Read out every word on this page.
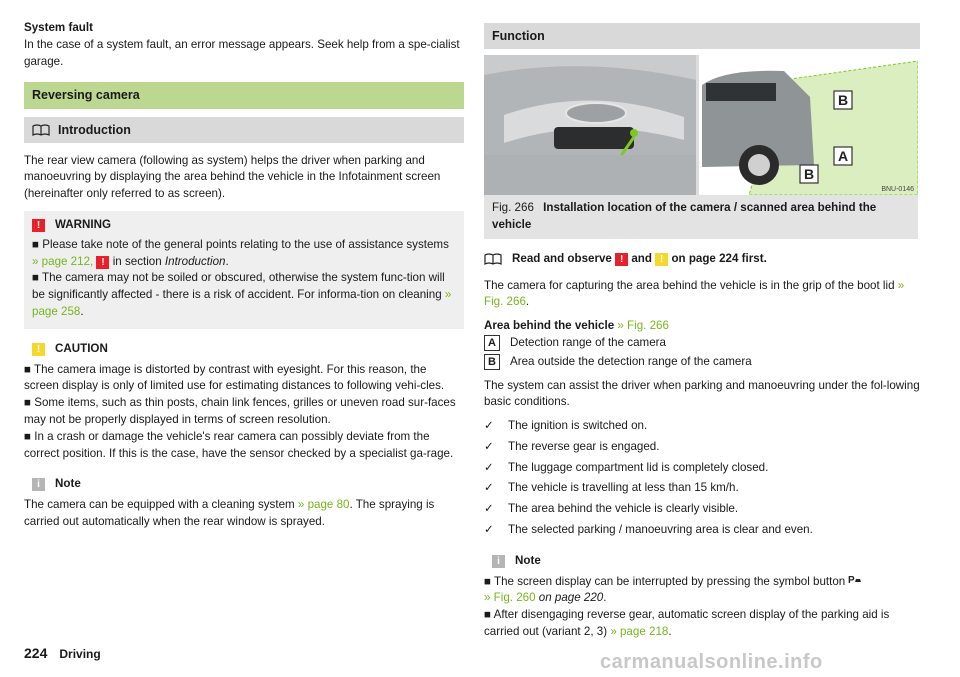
System fault
In the case of a system fault, an error message appears. Seek help from a spe-cialist garage.

Reversing camera
Introduction

The rear view camera (following as system) helps the driver when parking and manoeuvring by displaying the area behind the vehicle in the Infotainment screen (hereinafter only referred to as screen).

!	WARNING
■ Please take note of the general points relating to the use of assistance systems » page 212, ! in section Introduction.
■ The camera may not be soiled or obscured, otherwise the system func-tion will be significantly affected - there is a risk of accident. For informa-tion on cleaning » page 258.
!	CAUTION
■ The camera image is distorted by contrast with eyesight. For this reason, the screen display is only of limited use for estimating distances to following vehi-cles.
■ Some items, such as thin posts, chain link fences, grilles or uneven road sur-faces may not be properly displayed in terms of screen resolution.
■ In a crash or damage the vehicle's rear camera can possibly deviate from the correct position. If this is the case, have the sensor checked by a specialist ga-rage.
i	Note
The camera can be equipped with a cleaning system » page 80. The spraying is carried out automatically when the rear window is sprayed.
Function
B
A
B
BNU-0146
Fig. 266 Installation location of the camera / scanned area behind the vehicle
Read and observe ! and ! on page 224 first.

The camera for capturing the area behind the vehicle is in the grip of the boot lid » Fig. 266.

Area behind the vehicle » Fig. 266
A	Detection range of the camera
B	Area outside the detection range of the camera

The system can assist the driver when parking and manoeuvring under the fol-lowing basic conditions.

✓ The ignition is switched on.
✓ The reverse gear is engaged.
✓ The luggage compartment lid is completely closed.
✓ The vehicle is travelling at less than 15 km/h.
✓ The area behind the vehicle is clearly visible.
✓ The selected parking / manoeuvring area is clear and even.
i	Note
■ The screen display can be interrupted by pressing the symbol button P

» Fig. 260 on page 220.
■ After disengaging reverse gear, automatic screen display of the parking aid is carried out (variant 2, 3) » page 218.
224 Driving	carmanualsonline.info
